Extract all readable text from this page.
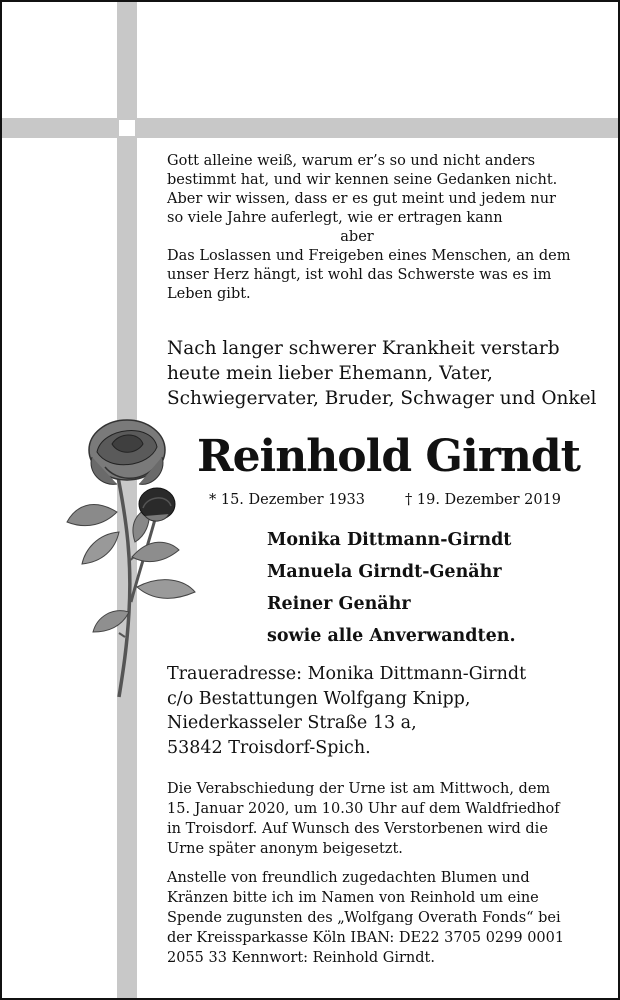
Gott alleine weiß, warum er’s so und nicht anders
bestimmt hat, und wir kennen seine Gedanken nicht.
Aber wir wissen, dass er es gut meint und jedem nur
so viele Jahre auferlegt, wie er ertragen kann
aber
Das Loslassen und Freigeben eines Menschen, an dem
unser Herz hängt, ist wohl das Schwerste was es im
Leben gibt.
Nach langer schwerer Krankheit verstarb
heute mein lieber Ehemann, Vater,
Schwiegervater, Bruder, Schwager und Onkel
Reinhold Girndt
* 15. Dezember 1933	† 19. Dezember 2019
Monika Dittmann-Girndt
Manuela Girndt-Genähr
Reiner Genähr
sowie alle Anverwandten.
Traueradresse: Monika Dittmann-Girndt
c/o Bestattungen Wolfgang Knipp,
Niederkasseler Straße 13 a,
53842 Troisdorf-Spich.
Die Verabschiedung der Urne ist am Mittwoch, dem
15. Januar 2020, um 10.30 Uhr auf dem Waldfriedhof
in Troisdorf. Auf Wunsch des Verstorbenen wird die
Urne später anonym beigesetzt.
Anstelle von freundlich zugedachten Blumen und
Kränzen bitte ich im Namen von Reinhold um eine
Spende zugunsten des „Wolfgang Overath Fonds“ bei
der Kreissparkasse Köln IBAN: DE22 3705 0299 0001
2055 33 Kennwort: Reinhold Girndt.
